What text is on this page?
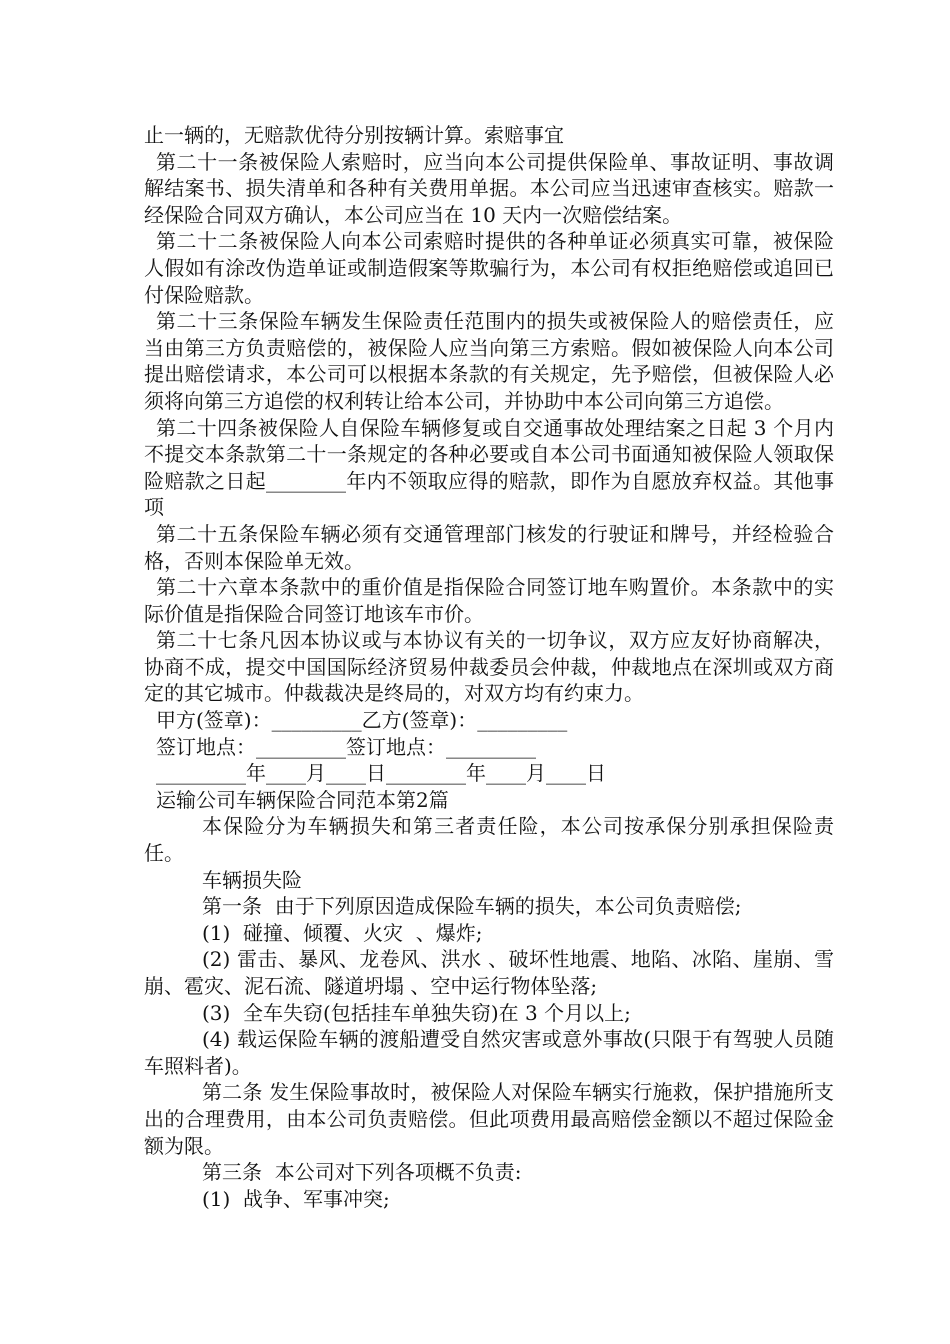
止一辆的，无赔款优待分别按辆计算。索赔事宜

第二十一条被保险人索赔时，应当向本公司提供保险单、事故证明、事故调解结案书、损失清单和各种有关费用单据。本公司应当迅速审查核实。赔款一经保险合同双方确认，本公司应当在 10 天内一次赔偿结案。

第二十二条被保险人向本公司索赔时提供的各种单证必须真实可靠，被保险人假如有涂改伪造单证或制造假案等欺骗行为，本公司有权拒绝赔偿或追回已付保险赔款。

第二十三条保险车辆发生保险责任范围内的损失或被保险人的赔偿责任，应当由第三方负责赔偿的，被保险人应当向第三方索赔。假如被保险人向本公司提出赔偿请求，本公司可以根据本条款的有关规定，先予赔偿，但被保险人必须将向第三方追偿的权利转让给本公司，并协助中本公司向第三方追偿。

第二十四条被保险人自保险车辆修复或自交通事故处理结案之日起 3 个月内不提交本条款第二十一条规定的各种必要或自本公司书面通知被保险人领取保险赔款之日起________年内不领取应得的赔款，即作为自愿放弃权益。其他事项

第二十五条保险车辆必须有交通管理部门核发的行驶证和牌号，并经检验合格，否则本保险单无效。

第二十六章本条款中的重价值是指保险合同签订地车购置价。本条款中的实际价值是指保险合同签订地该车市价。

第二十七条凡因本协议或与本协议有关的一切争议，双方应友好协商解决，协商不成，提交中国国际经济贸易仲裁委员会仲裁，仲裁地点在深圳或双方商定的其它城市。仲裁裁决是终局的，对双方均有约束力。

甲方(签章)：_________乙方(签章)：_________

签订地点：_________签订地点：_________

_________年____月____日________年____月____日

运输公司车辆保险合同范本第2篇

本保险分为车辆损失和第三者责任险，本公司按承保分别承担保险责任。

车辆损失险

第一条  由于下列原因造成保险车辆的损失，本公司负责赔偿;

(1)  碰撞、倾覆、火灾  、爆炸;

(2) 雷击、暴风、龙卷风、洪水 、破坏性地震、地陷、冰陷、崖崩、雪崩、雹灾、泥石流、隧道坍塌 、空中运行物体坠落;

(3)  全车失窃(包括挂车单独失窃)在 3 个月以上;

(4) 载运保险车辆的渡船遭受自然灾害或意外事故(只限于有驾驶人员随车照料者)。

第二条 发生保险事故时，被保险人对保险车辆实行施救，保护措施所支出的合理费用，由本公司负责赔偿。但此项费用最高赔偿金额以不超过保险金额为限。

第三条  本公司对下列各项概不负责:

(1)  战争、军事冲突;
